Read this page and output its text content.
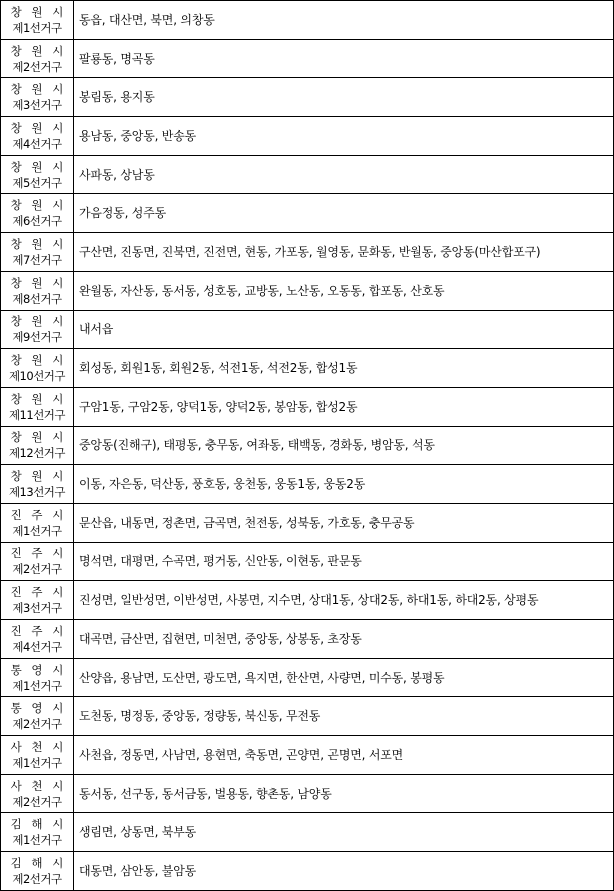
창 원 시
제1선거구	동읍, 대산면, 북면, 의창동

창 원 시
제2선거구	팔룡동, 명곡동

창 원 시
제3선거구	봉림동, 용지동

창 원 시
제4선거구	용남동, 중앙동, 반송동

창 원 시
제5선거구	사파동, 상남동

창 원 시
제6선거구	가음정동, 성주동

창 원 시
제7선거구	구산면, 진동면, 진북면, 진전면, 현동, 가포동, 월영동, 문화동, 반월동, 중앙동(마산합포구)

창 원 시
제8선거구	완월동, 자산동, 동서동, 성호동, 교방동, 노산동, 오동동, 합포동, 산호동

창 원 시
제9선거구	내서읍

창 원 시
제10선거구	회성동, 회원1동, 회원2동, 석전1동, 석전2동, 합성1동

창 원 시
제11선거구	구암1동, 구암2동, 양덕1동, 양덕2동, 봉암동, 합성2동

창 원 시
제12선거구	중앙동(진해구), 태평동, 충무동, 여좌동, 태백동, 경화동, 병암동, 석동

창 원 시
제13선거구	이동, 자은동, 덕산동, 풍호동, 웅천동, 웅동1동, 웅동2동

진 주 시
제1선거구	문산읍, 내동면, 정촌면, 금곡면, 천전동, 성북동, 가호동, 충무공동

진 주 시
제2선거구	명석면, 대평면, 수곡면, 평거동, 신안동, 이현동, 판문동

진 주 시
제3선거구	진성면, 일반성면, 이반성면, 사봉면, 지수면, 상대1동, 상대2동, 하대1동, 하대2동, 상평동

진 주 시
제4선거구	대곡면, 금산면, 집현면, 미천면, 중앙동, 상봉동, 초장동

통 영 시
제1선거구	산양읍, 용남면, 도산면, 광도면, 욕지면, 한산면, 사량면, 미수동, 봉평동

통 영 시
제2선거구	도천동, 명정동, 중앙동, 정량동, 북신동, 무전동

사 천 시
제1선거구	사천읍, 정동면, 사남면, 용현면, 축동면, 곤양면, 곤명면, 서포면

사 천 시
제2선거구	동서동, 선구동, 동서금동, 벌용동, 향촌동, 남양동

김 해 시
제1선거구	생림면, 상동면, 북부동

김 해 시
제2선거구	대동면, 삼안동, 불암동
